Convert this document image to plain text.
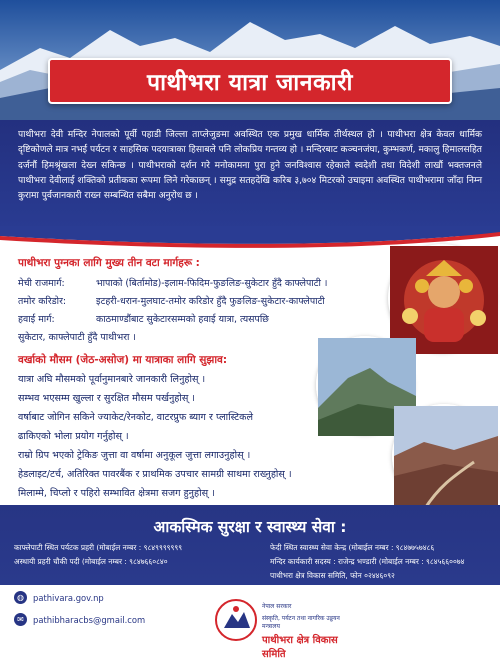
पाथीभरा यात्रा जानकारी

पाथीभरा देवी मन्दिर नेपालको पूर्वी पहाडी जिल्ला ताप्लेजुङमा अवस्थित एक प्रमुख धार्मिक तीर्थस्थल हो । पाथीभरा क्षेत्र केवल धार्मिक दृष्टिकोणले मात्र नभई पर्यटन र साहसिक पदयात्राका हिसाबले पनि लोकप्रिय गन्तव्य हो । मन्दिरबाट कञ्चनजंघा, कुम्भकर्ण, मकालु हिमालसहित दर्जनौं हिमश्रृंखला देख्न सकिन्छ । पाथीभराको दर्शन गरे मनोकामना पुरा हुने जनविश्वास रहेकाले स्वदेशी तथा विदेशी लाखौं भक्तजनले पाथीभरा देवीलाई शक्तिको प्रतीकका रूपमा लिने गरेकाछन् । समुद्र सतहदेखि करिब ३,७०४ मिटरको उचाइमा अवस्थित पाथीभरामा जाँदा निम्न कुरामा पुर्वजानकारी राख्न सम्बन्धित सबैमा अनुरोध छ ।

पाथीभरा पुग्नका लागि मुख्य तीन वटा मार्गहरू :
मेची राजमार्ग:	भापाको (बिर्तामोड)-इलाम-फिदिम-फुङलिङ-सुकेटार हुँदै काफ्लेपाटी ।
तमोर करिडोर:	इटहरी-धरान-मुलघाट-तमोर करिडोर हुँदै फुङलिङ-सुकेटार-काफ्लेपाटी
हवाई मार्ग:	काठमाण्डौंबाट सुकेटारसम्मको हवाई यात्रा, त्यसपछि
सुकेटार, काफ्लेपाटी हुँदै पाथीभरा ।
वर्खाको मौसम (जेठ-असोज) मा यात्राका लागि सुझाव:
यात्रा अघि मौसमको पूर्वानुमानबारे जानकारी लिनुहोस् ।
सम्भव भएसम्म खुल्ला र सुरक्षित मौसम पर्खनुहोस् ।
वर्षाबाट जोगिन सकिने ज्याकेट/रेनकोट, वाटरप्रुफ ब्याग र प्लास्टिकले
ढाकिएको भोला प्रयोग गर्नुहोस् ।
राम्रो ग्रिप भएको ट्रेकिङ जुत्ता वा वर्षामा अनुकूल जुत्ता लगाउनुहोस् ।
हेडलाइट/टर्च, अतिरिक्त पावरबैंक र प्राथमिक उपचार सामग्री साथमा राख्नुहोस् ।
मिलाम्मे, चिप्लो र पहिरो सम्भावित क्षेत्रमा सजग हुनुहोस् ।
आकस्मिक सुरक्षा र स्वास्थ्य सेवा :
काफ्लेपाटी स्थित पर्यटक प्रहरी (मोबाईल नम्बर : ९८४९९९९९९९
अस्थायी प्रहरी चौकी पदी (मोबाईल नम्बर : ९८४७६६०८४०
फेदी स्थित स्वास्थ्य सेवा केन्द्र (मोबाईल नम्बर : ९८४७७५७४८६
मन्दिर कार्यकारी सदस्य : राजेन्द्र भण्डारी (मोबाईल नम्बर : ९८४५६६००७४
पाथीभरा क्षेत्र विकास समिति, फोन ०२४४६०९२
◍	pathivara.gov.np
✉	pathibharacbs@gmail.com
नेपाल सरकार
संस्कृति, पर्यटन तथा नागरिक उड्डयन मन्त्रालय
पाथीभरा क्षेत्र विकास समिति
